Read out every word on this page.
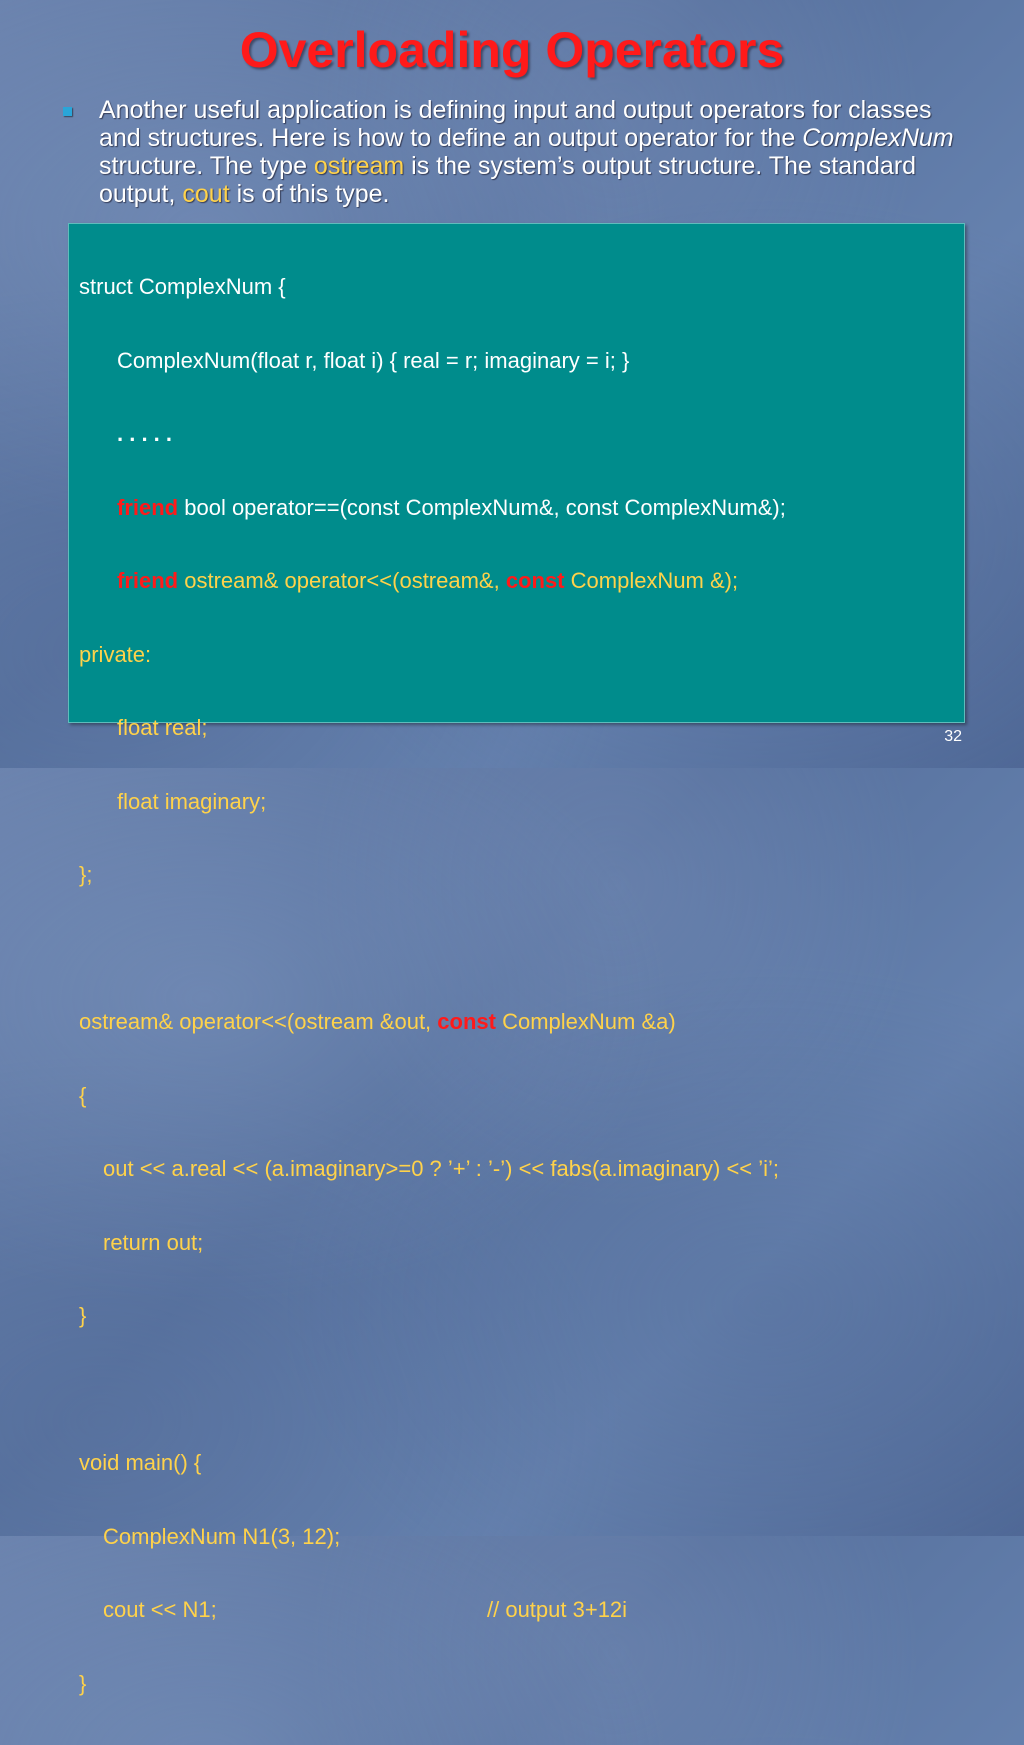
Overloading Operators
Another useful application is defining input and output operators for classes and structures. Here is how to define an output operator for the ComplexNum structure. The type ostream is the system’s output structure. The standard output, cout is of this type.

struct ComplexNum {

ComplexNum(float r, float i) { real = r; imaginary = i; }

. . . . .

friend bool operator==(const ComplexNum&, const ComplexNum&);

friend ostream& operator<<(ostream&, const ComplexNum &);

private:

float real;

float imaginary;

};

ostream& operator<<(ostream &out, const ComplexNum &a)

{

out << a.real << (a.imaginary>=0 ? ’+’ : ’-’) << fabs(a.imaginary) << ’i’;

return out;

}

void main() {

ComplexNum N1(3, 12);

cout << N1;	// output 3+12i

}

32
